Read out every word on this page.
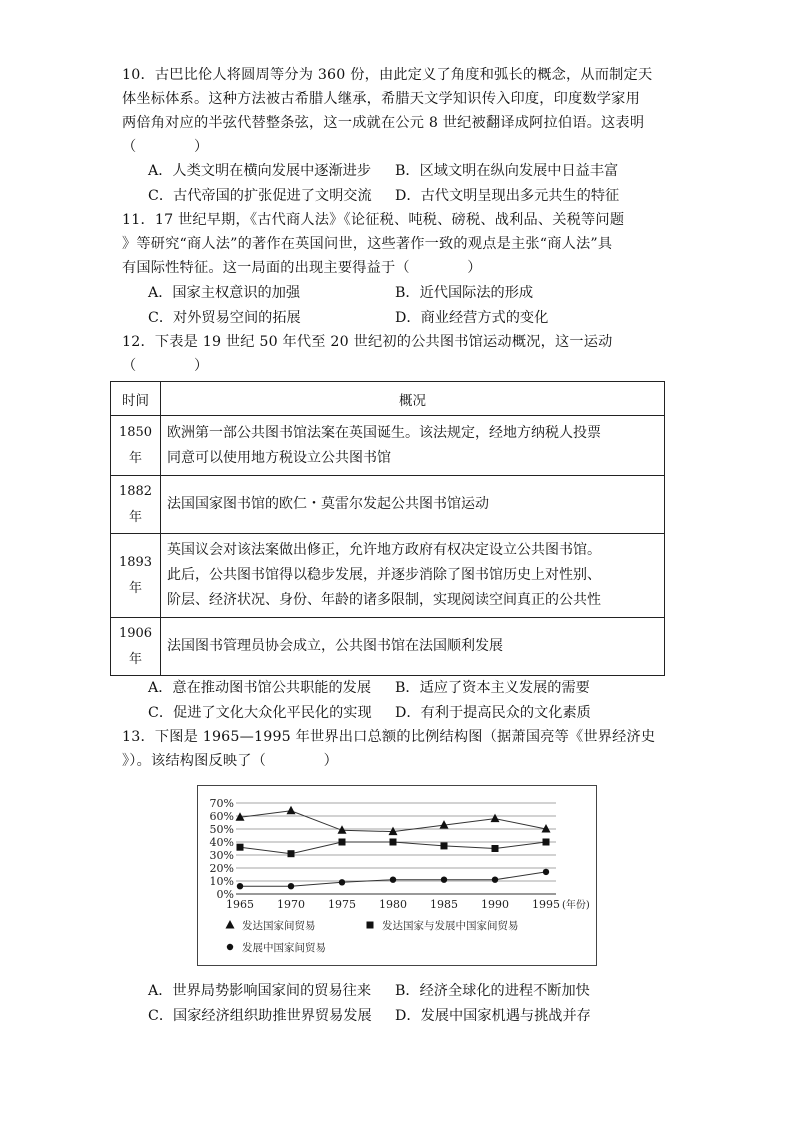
10．古巴比伦人将圆周等分为 360 份，由此定义了角度和弧长的概念，从而制定天
体坐标体系。这种方法被古希腊人继承，希腊天文学知识传入印度，印度数学家用
两倍角对应的半弦代替整条弦，这一成就在公元 8 世纪被翻译成阿拉伯语。这表明
（　　　　）
A．人类文明在横向发展中逐渐进步 B．区域文明在纵向发展中日益丰富
C．古代帝国的扩张促进了文明交流 D．古代文明呈现出多元共生的特征
11．17 世纪早期，《古代商人法》《论征税、吨税、磅税、战利品、关税等问题
》等研究“商人法”的著作在英国问世，这些著作一致的观点是主张“商人法”具
有国际性特征。这一局面的出现主要得益于（　　　　）
A．国家主权意识的加强	B．近代国际法的形成
C．对外贸易空间的拓展	D．商业经营方式的变化
12．下表是 19 世纪 50 年代至 20 世纪初的公共图书馆运动概况，这一运动
（　　　　）
时间	概况
1850
年	欧洲第一部公共图书馆法案在英国诞生。该法规定，经地方纳税人投票
同意可以使用地方税设立公共图书馆
1882
年	法国国家图书馆的欧仁・莫雷尔发起公共图书馆运动
1893
年	英国议会对该法案做出修正，允许地方政府有权决定设立公共图书馆。
此后，公共图书馆得以稳步发展，并逐步消除了图书馆历史上对性别、
阶层、经济状况、身份、年龄的诸多限制，实现阅读空间真正的公共性
1906
年	法国图书管理员协会成立，公共图书馆在法国顺利发展
A．意在推动图书馆公共职能的发展 B．适应了资本主义发展的需要
C．促进了文化大众化平民化的实现 D．有利于提高民众的文化素质
13．下图是 1965—1995 年世界出口总额的比例结构图（据萧国亮等《世界经济史
》）。该结构图反映了（　　　　）
0%
10%
20%
30%
40%
50%
60%
70%
1965 1970 1975 1980 1985 1990 1995 (年份)
发达国家间贸易	发达国家与发展中国家间贸易
发展中国家间贸易
A．世界局势影响国家间的贸易往来 B．经济全球化的进程不断加快
C．国家经济组织助推世界贸易发展 D．发展中国家机遇与挑战并存
